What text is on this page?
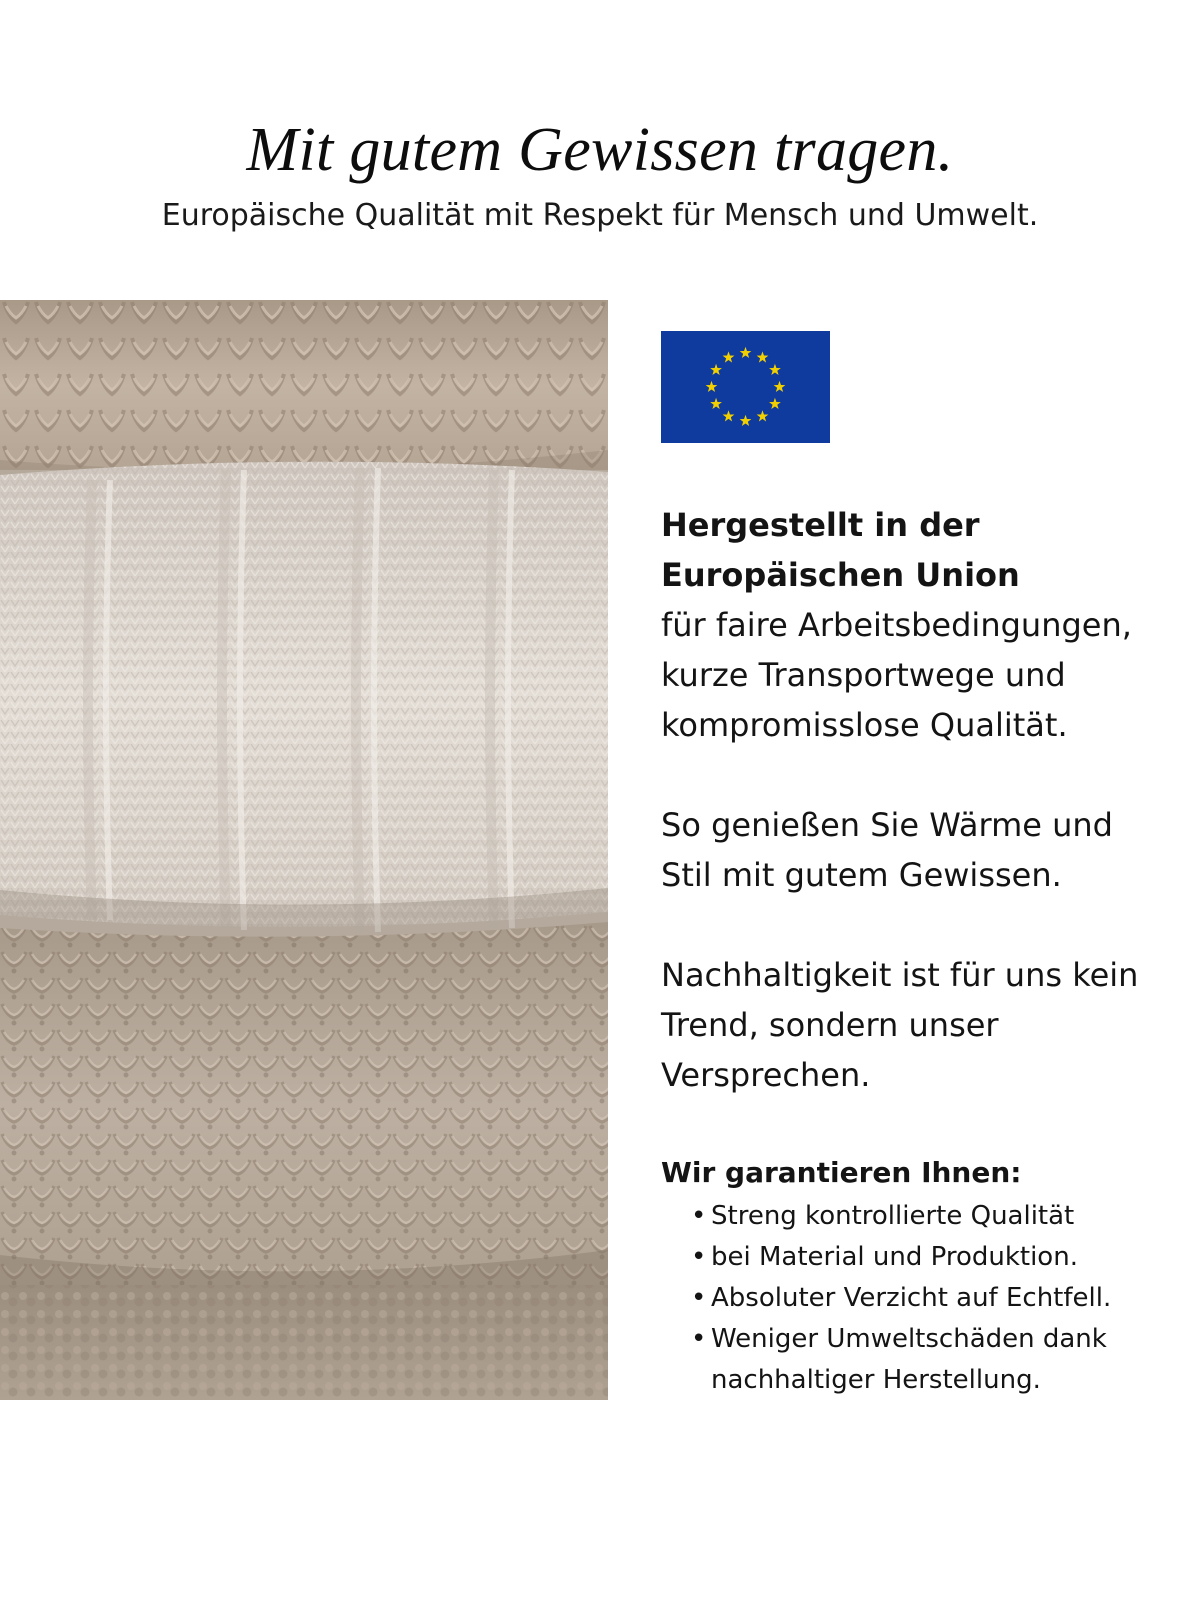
Mit gutem Gewissen tragen.
Europäische Qualität mit Respekt für Mensch und Umwelt.

Hergestellt in der
Europäischen Union

für faire Arbeitsbedingungen,
kurze Transportwege und
kompromisslose Qualität.

So genießen Sie Wärme und
Stil mit gutem Gewissen.

Nachhaltigkeit ist für uns kein
Trend, sondern unser
Versprechen.

Wir garantieren Ihnen:

• Streng kontrollierte Qualität
• bei Material und Produktion.
• Absoluter Verzicht auf Echtfell.
• Weniger Umweltschäden dank
nachhaltiger Herstellung.
